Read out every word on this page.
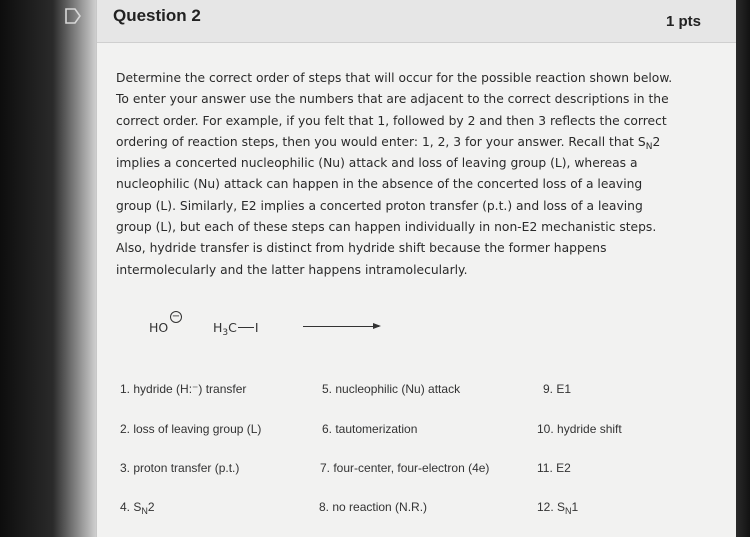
Question 2	1 pts

Determine the correct order of steps that will occur for the possible reaction shown below. To enter your answer use the numbers that are adjacent to the correct descriptions in the correct order. For example, if you felt that 1, followed by 2 and then 3 reflects the correct ordering of reaction steps, then you would enter: 1, 2, 3 for your answer. Recall that $S_N2$ implies a concerted nucleophilic (Nu) attack and loss of leaving group (L), whereas a nucleophilic (Nu) attack can happen in the absence of the concerted loss of a leaving group (L). Similarly, E2 implies a concerted proton transfer (p.t.) and loss of a leaving group (L), but each of these steps can happen individually in non-E2 mechanistic steps. Also, hydride transfer is distinct from hydride shift because the former happens intermolecularly and the latter happens intramolecularly.

HO
−
$H_3C$ I
1. hydride (H:⁻) transfer
2. loss of leaving group (L)
3. proton transfer (p.t.)
4. $S_N2$
5. nucleophilic (Nu) attack
6. tautomerization
7. four-center, four-electron (4e)
8. no reaction (N.R.)
9. E1
10. hydride shift
11. E2
12. $S_N1$
